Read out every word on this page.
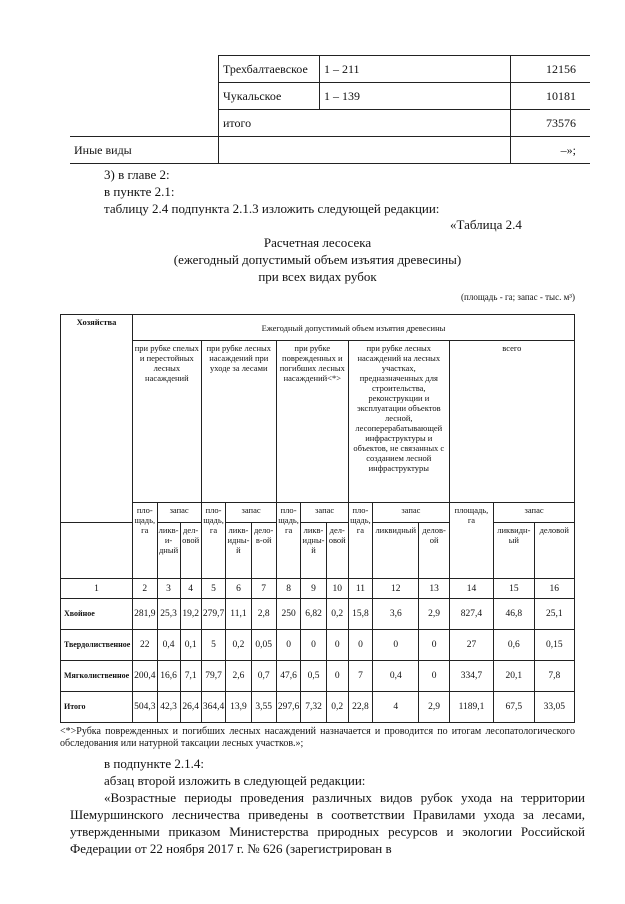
	Трехбалтаевское	1 – 211	12156
	Чукальское	1 – 139	10181
	итого		73576
Иные виды			–»;
3) в главе 2:
в пункте 2.1:
таблицу 2.4 подпункта 2.1.3 изложить следующей редакции:
«Таблица 2.4
Расчетная лесосека
(ежегодный допустимый объем изъятия древесины)
при всех видах рубок
(площадь - га; запас - тыс. м³)
Хозяйства	Ежегодный допустимый объем изъятия древесины														
	при рубке спелых и перестойных лесных насаждений			при рубке лесных насаждений при уходе за лесами			при рубке поврежденных и погибших лесных насаждений<*>			при рубке лесных насаждений на лесных участках, предназначенных для строительства, реконструкции и эксплуатации объектов лесной, лесоперерабатывающей инфраструктуры и объектов, не связанных с созданием лесной инфраструктуры			всего		
	площадь, га	запас		площадь, га	запас		площадь, га	запас		площадь, га	запас		площадь, га	запас	
		ликвидный	деловой		ликвидный	делов-ой		ликвидный	деловой		ликвидный	деловой		ликвидный	деловой
1	2	3	4	5	6	7	8	9	10	11	12	13	14	15	16
Хвойное	281,9	25,3	19,2	279,7	11,1	2,8	250	6,82	0,2	15,8	3,6	2,9	827,4	46,8	25,1
Твердолиственное	22	0,4	0,1	5	0,2	0,05	0	0	0	0	0	0	27	0,6	0,15
Мягколиственное	200,4	16,6	7,1	79,7	2,6	0,7	47,6	0,5	0	7	0,4	0	334,7	20,1	7,8
Итого	504,3	42,3	26,4	364,4	13,9	3,55	297,6	7,32	0,2	22,8	4	2,9	1189,1	67,5	33,05
<*>Рубка поврежденных и погибших лесных насаждений назначается и проводится по итогам лесопатологического обследования или натурной таксации лесных участков.»;
в подпункте 2.1.4:
абзац второй изложить в следующей редакции:
«Возрастные периоды проведения различных видов рубок ухода на территории Шемуршинского лесничества приведены в соответствии Правилами ухода за лесами, утвержденными приказом Министерства природных ресурсов и экологии Российской Федерации от 22 ноября 2017 г. № 626 (зарегистрирован в
